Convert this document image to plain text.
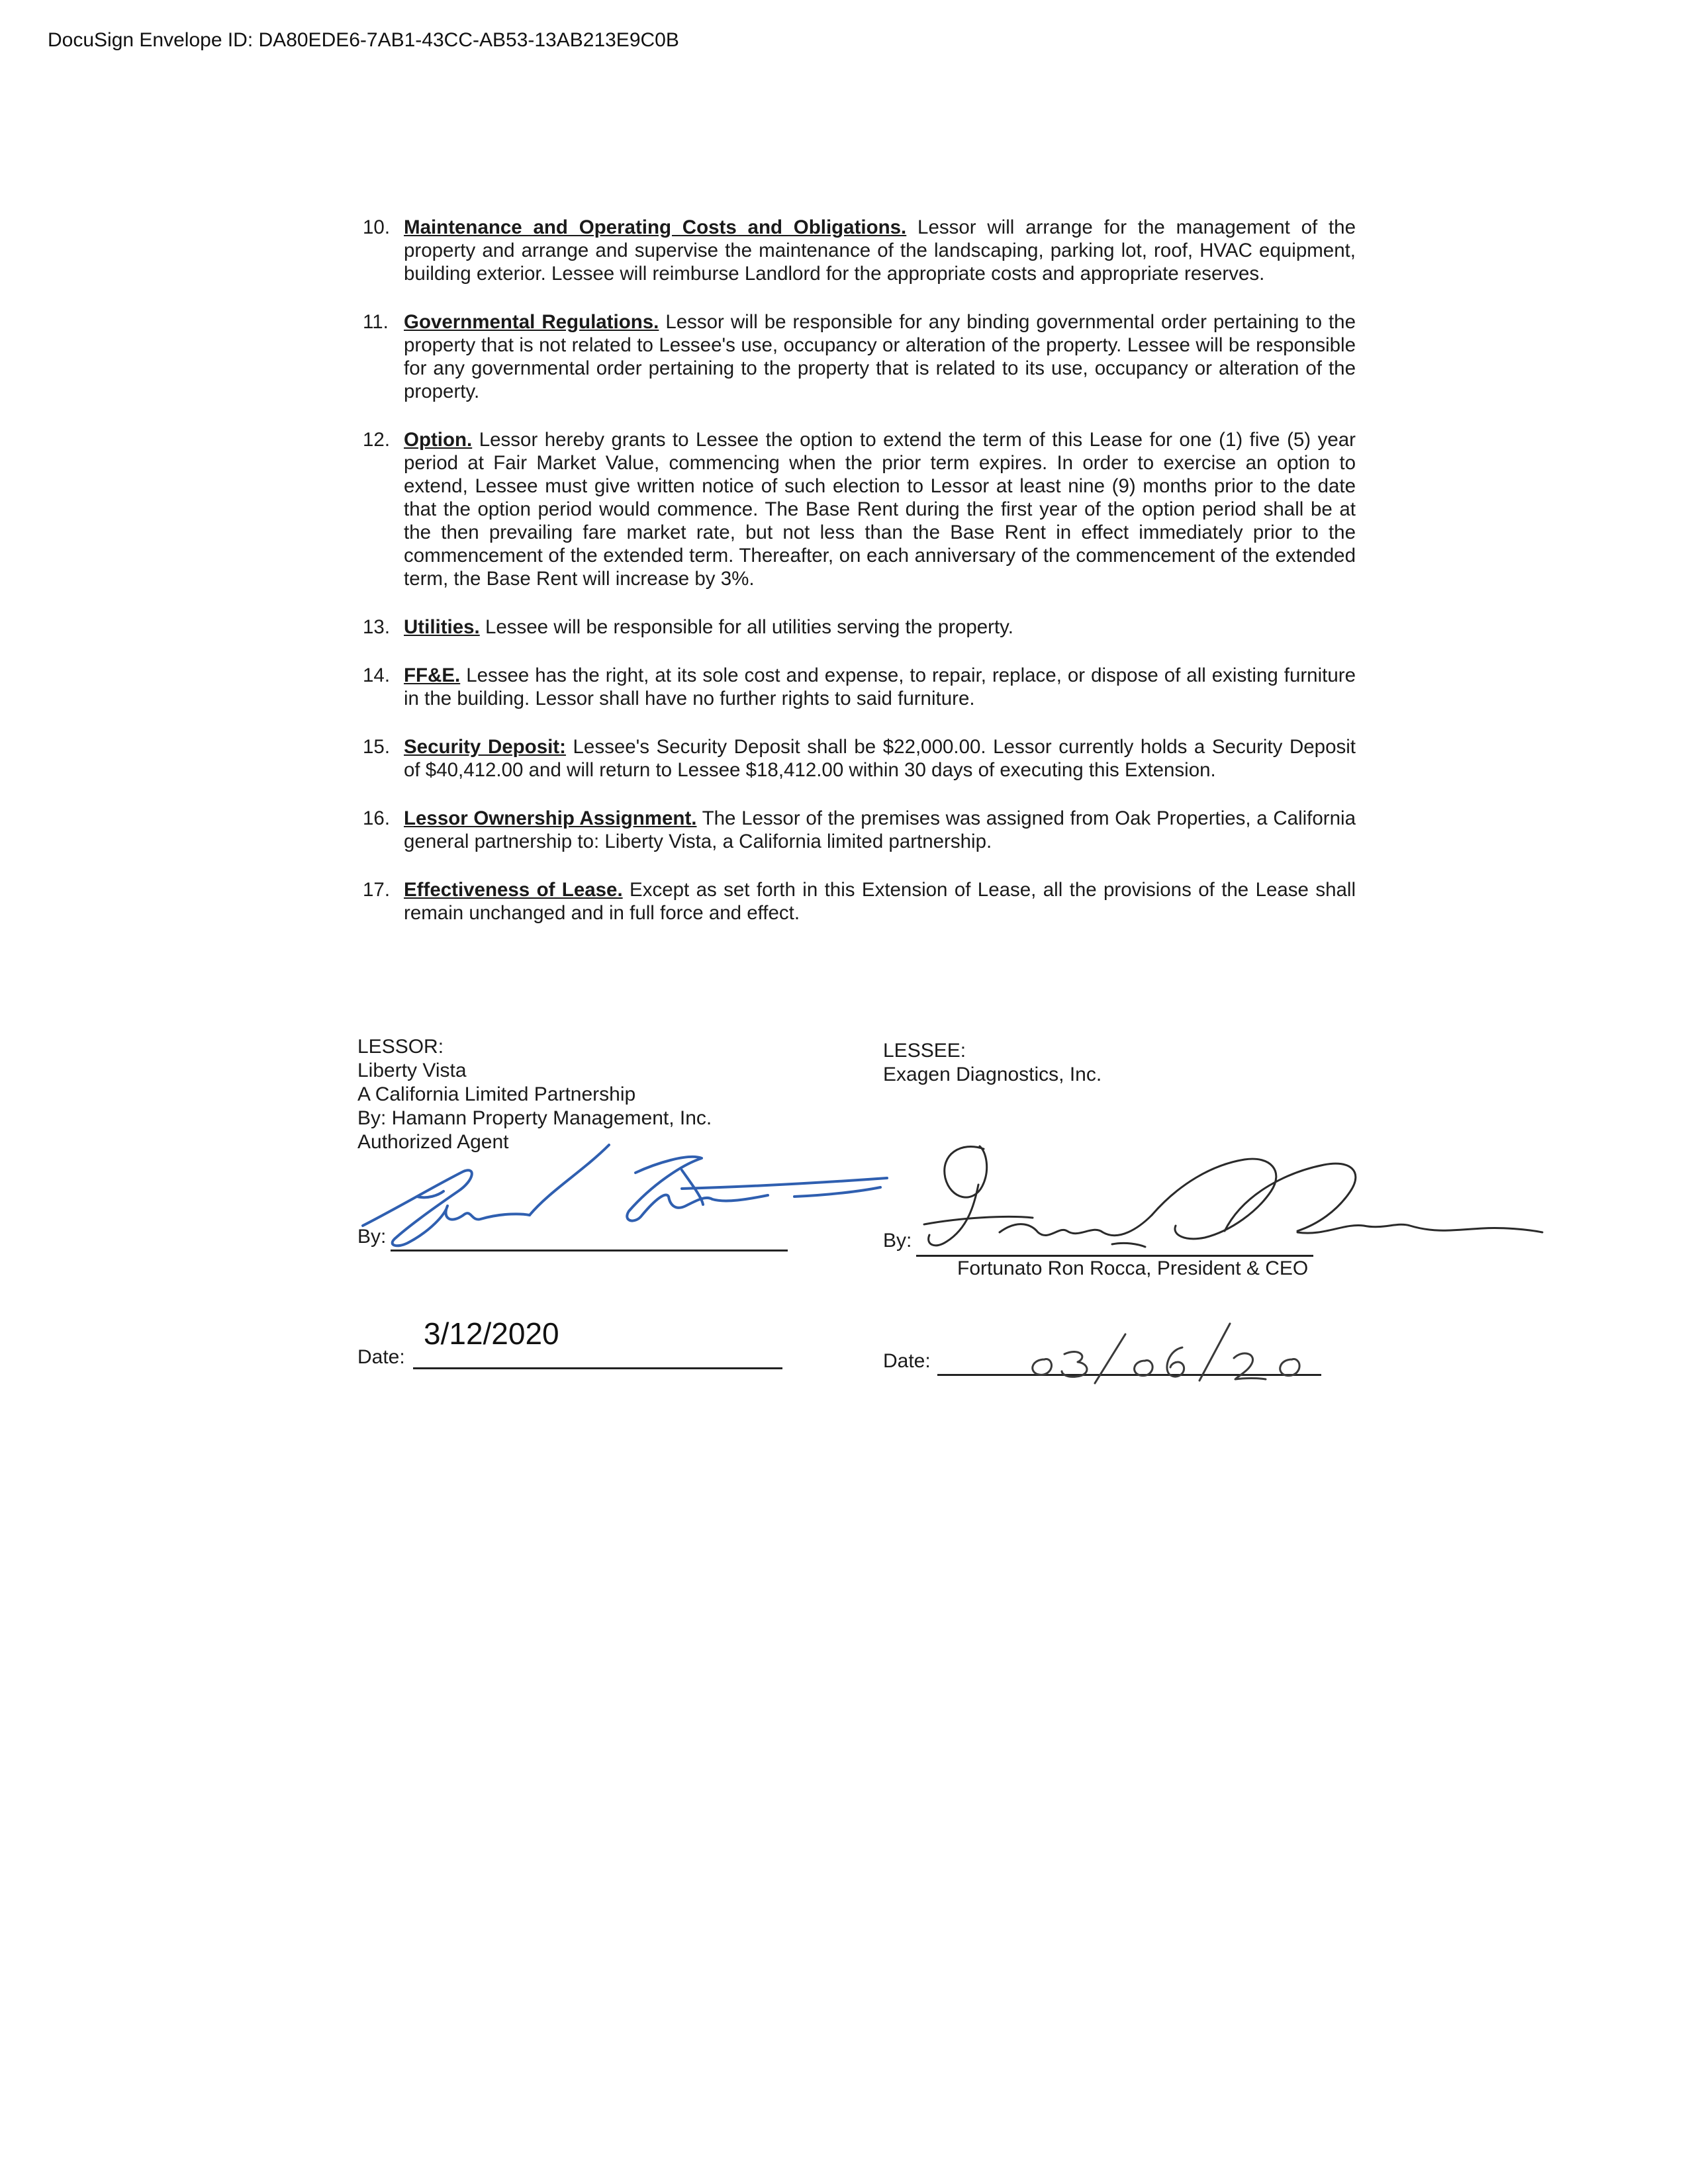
DocuSign Envelope ID: DA80EDE6-7AB1-43CC-AB53-13AB213E9C0B
10. Maintenance and Operating Costs and Obligations. Lessor will arrange for the management of the property and arrange and supervise the maintenance of the landscaping, parking lot, roof, HVAC equipment, building exterior. Lessee will reimburse Landlord for the appropriate costs and appropriate reserves.
11. Governmental Regulations. Lessor will be responsible for any binding governmental order pertaining to the property that is not related to Lessee's use, occupancy or alteration of the property. Lessee will be responsible for any governmental order pertaining to the property that is related to its use, occupancy or alteration of the property.
12. Option. Lessor hereby grants to Lessee the option to extend the term of this Lease for one (1) five (5) year period at Fair Market Value, commencing when the prior term expires. In order to exercise an option to extend, Lessee must give written notice of such election to Lessor at least nine (9) months prior to the date that the option period would commence. The Base Rent during the first year of the option period shall be at the then prevailing fare market rate, but not less than the Base Rent in effect immediately prior to the commencement of the extended term. Thereafter, on each anniversary of the commencement of the extended term, the Base Rent will increase by 3%.
13. Utilities. Lessee will be responsible for all utilities serving the property.
14. FF&E. Lessee has the right, at its sole cost and expense, to repair, replace, or dispose of all existing furniture in the building. Lessor shall have no further rights to said furniture.
15. Security Deposit: Lessee's Security Deposit shall be $22,000.00. Lessor currently holds a Security Deposit of $40,412.00 and will return to Lessee $18,412.00 within 30 days of executing this Extension.
16. Lessor Ownership Assignment. The Lessor of the premises was assigned from Oak Properties, a California general partnership to: Liberty Vista, a California limited partnership.
17. Effectiveness of Lease. Except as set forth in this Extension of Lease, all the provisions of the Lease shall remain unchanged and in full force and effect.
LESSOR:
Liberty Vista
A California Limited Partnership
By: Hamann Property Management, Inc.
Authorized Agent
By:
Date:
3/12/2020
LESSEE:
Exagen Diagnostics, Inc.
By:
Fortunato Ron Rocca, President & CEO
Date:
